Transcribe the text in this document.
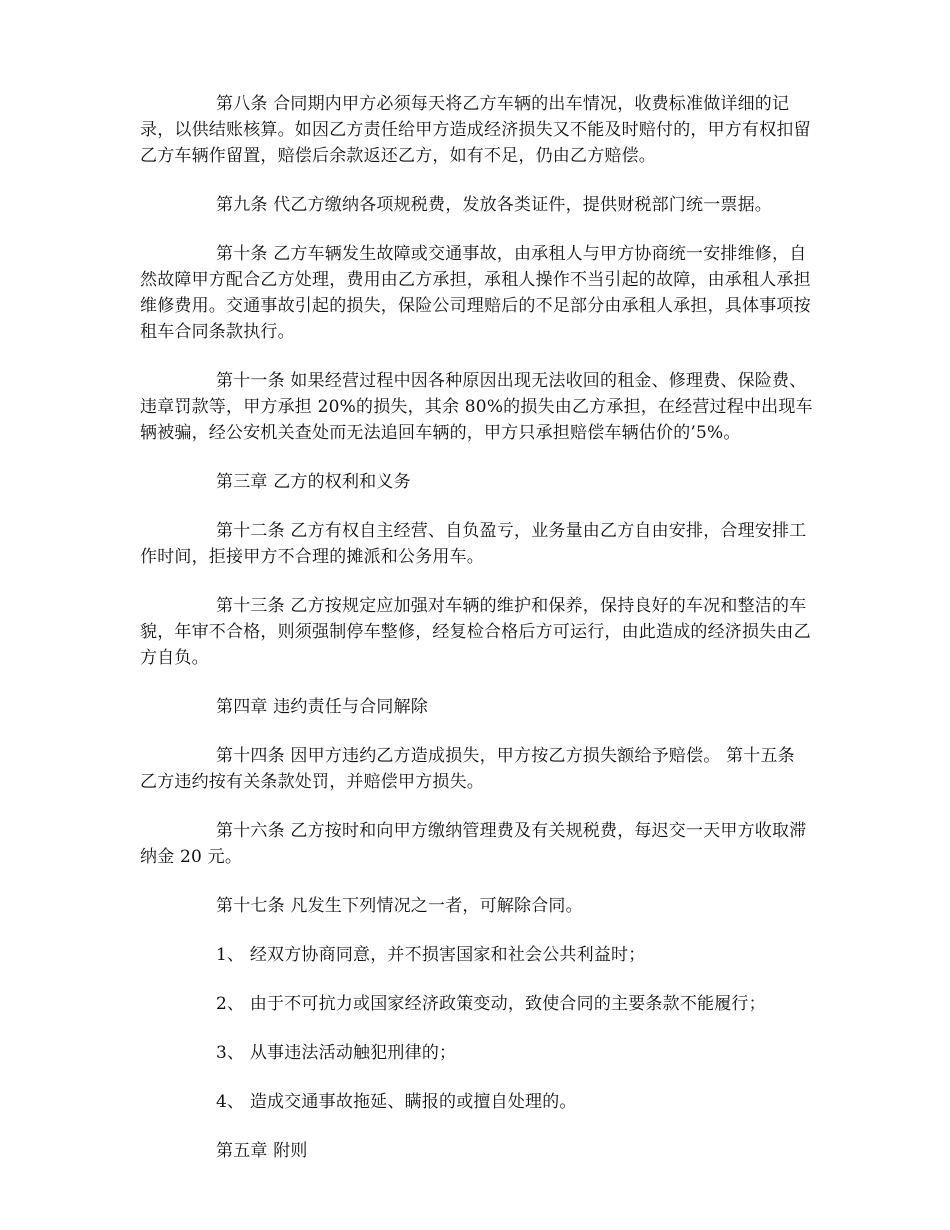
第八条 合同期内甲方必须每天将乙方车辆的出车情况，收费标准做详细的记录，以供结账核算。如因乙方责任给甲方造成经济损失又不能及时赔付的，甲方有权扣留乙方车辆作留置，赔偿后余款返还乙方，如有不足，仍由乙方赔偿。

第九条 代乙方缴纳各项规税费，发放各类证件，提供财税部门统一票据。

第十条 乙方车辆发生故障或交通事故，由承租人与甲方协商统一安排维修，自然故障甲方配合乙方处理，费用由乙方承担，承租人操作不当引起的故障，由承租人承担维修费用。交通事故引起的损失，保险公司理赔后的不足部分由承租人承担，具体事项按租车合同条款执行。

第十一条 如果经营过程中因各种原因出现无法收回的租金、修理费、保险费、违章罚款等，甲方承担 20%的损失，其余 80%的损失由乙方承担，在经营过程中出现车辆被骗，经公安机关查处而无法追回车辆的，甲方只承担赔偿车辆估价的’5%。

第三章 乙方的权利和义务

第十二条 乙方有权自主经营、自负盈亏，业务量由乙方自由安排，合理安排工作时间，拒接甲方不合理的摊派和公务用车。

第十三条 乙方按规定应加强对车辆的维护和保养，保持良好的车况和整洁的车貌，年审不合格，则须强制停车整修，经复检合格后方可运行，由此造成的经济损失由乙方自负。

第四章 违约责任与合同解除

第十四条 因甲方违约乙方造成损失，甲方按乙方损失额给予赔偿。 第十五条 乙方违约按有关条款处罚，并赔偿甲方损失。

第十六条 乙方按时和向甲方缴纳管理费及有关规税费，每迟交一天甲方收取滞纳金 20 元。

第十七条 凡发生下列情况之一者，可解除合同。

1、 经双方协商同意，并不损害国家和社会公共利益时；

2、 由于不可抗力或国家经济政策变动，致使合同的主要条款不能履行；

3、 从事违法活动触犯刑律的；

4、 造成交通事故拖延、瞒报的或擅自处理的。

第五章 附则
